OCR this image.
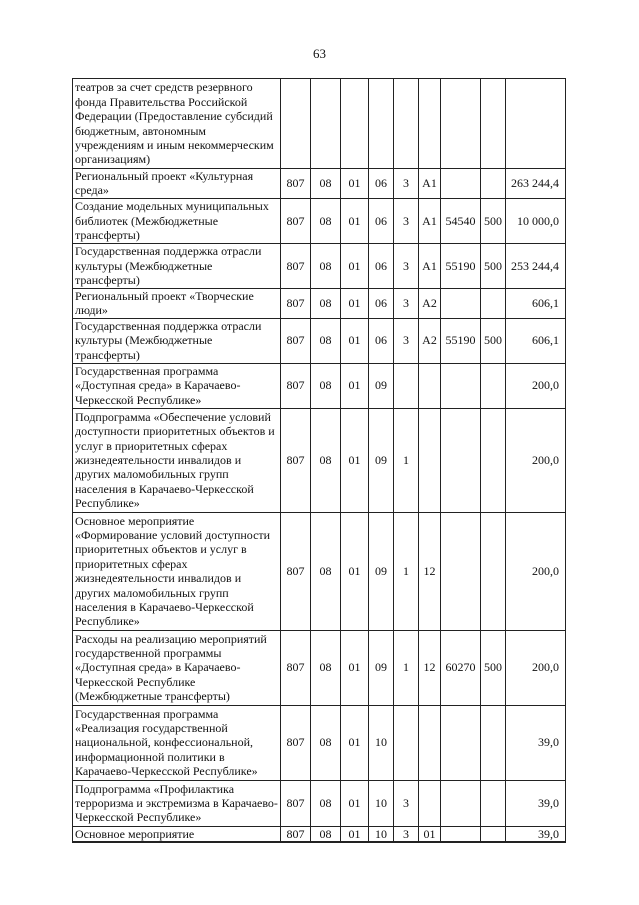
63
театров за счет средств резервного фонда Правительства Российской Федерации (Предоставление субсидий бюджетным, автономным учреждениям и иным некоммерческим организациям)									
Региональный проект «Культурная среда»	807	08	01	06	3	A1			263 244,4
Создание модельных муниципальных библиотек (Межбюджетные трансферты)	807	08	01	06	3	A1	54540	500	10 000,0
Государственная поддержка отрасли культуры (Межбюджетные трансферты)	807	08	01	06	3	A1	55190	500	253 244,4
Региональный проект «Творческие люди»	807	08	01	06	3	A2			606,1
Государственная поддержка отрасли культуры (Межбюджетные трансферты)	807	08	01	06	3	A2	55190	500	606,1
Государственная программа «Доступная среда» в Карачаево-Черкесской Республике»	807	08	01	09					200,0
Подпрограмма «Обеспечение условий доступности приоритетных объектов и услуг в приоритетных сферах жизнедеятельности инвалидов и других маломобильных групп населения в Карачаево-Черкесской Республике»	807	08	01	09	1				200,0
Основное мероприятие «Формирование условий доступности приоритетных объектов и услуг в приоритетных сферах жизнедеятельности инвалидов и других маломобильных групп населения в Карачаево-Черкесской Республике»	807	08	01	09	1	12			200,0
Расходы на реализацию мероприятий государственной программы «Доступная среда» в Карачаево-Черкесской Республике (Межбюджетные трансферты)	807	08	01	09	1	12	60270	500	200,0
Государственная программа «Реализация государственной национальной, конфессиональной, информационной политики в Карачаево-Черкесской Республике»	807	08	01	10					39,0
Подпрограмма «Профилактика терроризма и экстремизма в Карачаево-Черкесской Республике»	807	08	01	10	3				39,0
Основное мероприятие	807	08	01	10	3	01			39,0
